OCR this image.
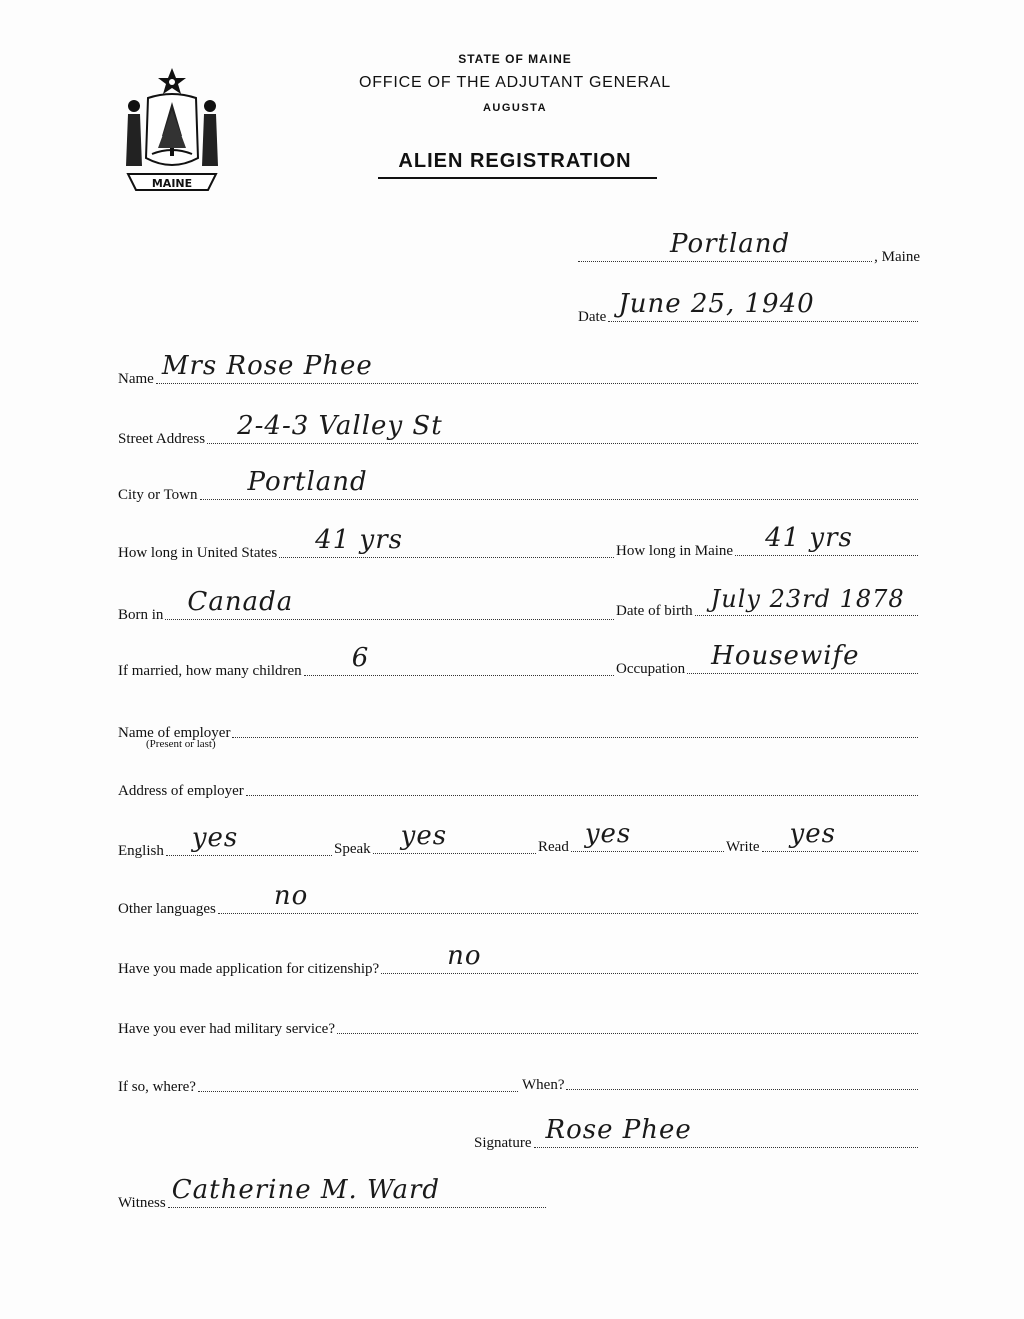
MAINE
STATE OF MAINE
OFFICE OF THE ADJUTANT GENERAL
AUGUSTA
ALIEN REGISTRATION
Portland	, Maine
Date June 25, 1940
Name Mrs Rose Phee
Street Address 2-4-3 Valley St
City or Town Portland
How long in United States 41 yrs	How long in Maine 41 yrs
Born in Canada	Date of birth July 23rd 1878
If married, how many children 6	Occupation Housewife
Name of employer
(Present or last)
Address of employer
English yes	Speak yes	Read yes	Write yes
Other languages no
Have you made application for citizenship?	no
Have you ever had military service?
If so, where?	When?
Signature Rose Phee
Witness Catherine M. Ward
